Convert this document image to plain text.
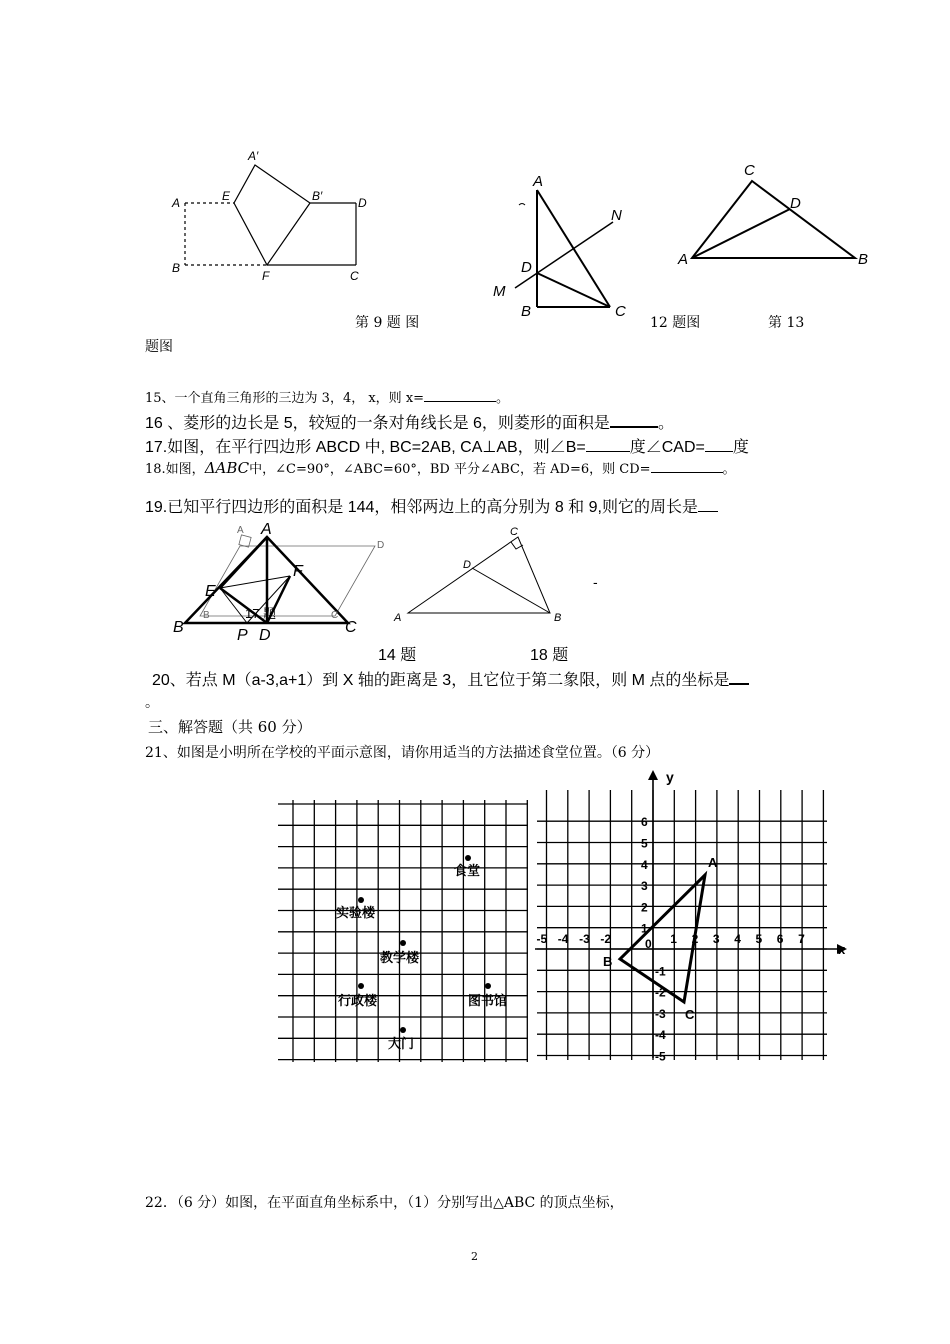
A′
A	E	B′	D
B
F	C
A
N
D
M
B	C
C
D
A	B
第 9 题 图	12 题图	第 13
题图
15、一个直角三角形的三边为 3，4， x，则 x=	。
16 、菱形的边长是 5，较短的一条对角线长是 6，则菱形的面积是	。
17.如图，在平行四边形 ABCD 中, BC=2AB, CA⊥AB，则∠B=	度∠CAD= 度
18.如图，ΔABC中，∠C=90°，∠ABC=60°，BD 平分∠ABC，若 AD=6，则 CD=	。
19.已知平行四边形的面积是 144，相邻两边上的高分别为 8 和 9,则它的周长是
A
F
E
B	P D	C
A
D
B	C
17 题
C
D
A	B
-
14 题	18 题
20、若点 M（a-3,a+1）到 X 轴的距离是 3，且它位于第二象限，则 M 点的坐标是
。
三、解答题（共 60 分）
21、如图是小明所在学校的平面示意图，请你用适当的方法描述食堂位置。（6 分）
食堂
实验楼
教学楼
行政楼	图书馆
大门
y
x
0
-5 -4 -3 -2	1 2 3 4 5 6 7
6
5
4
3
2
1
-1
-2
-3
-4
-5
A
B
C
22．（6 分）如图，在平面直角坐标系中，（1）分别写出△ABC 的顶点坐标，
2
